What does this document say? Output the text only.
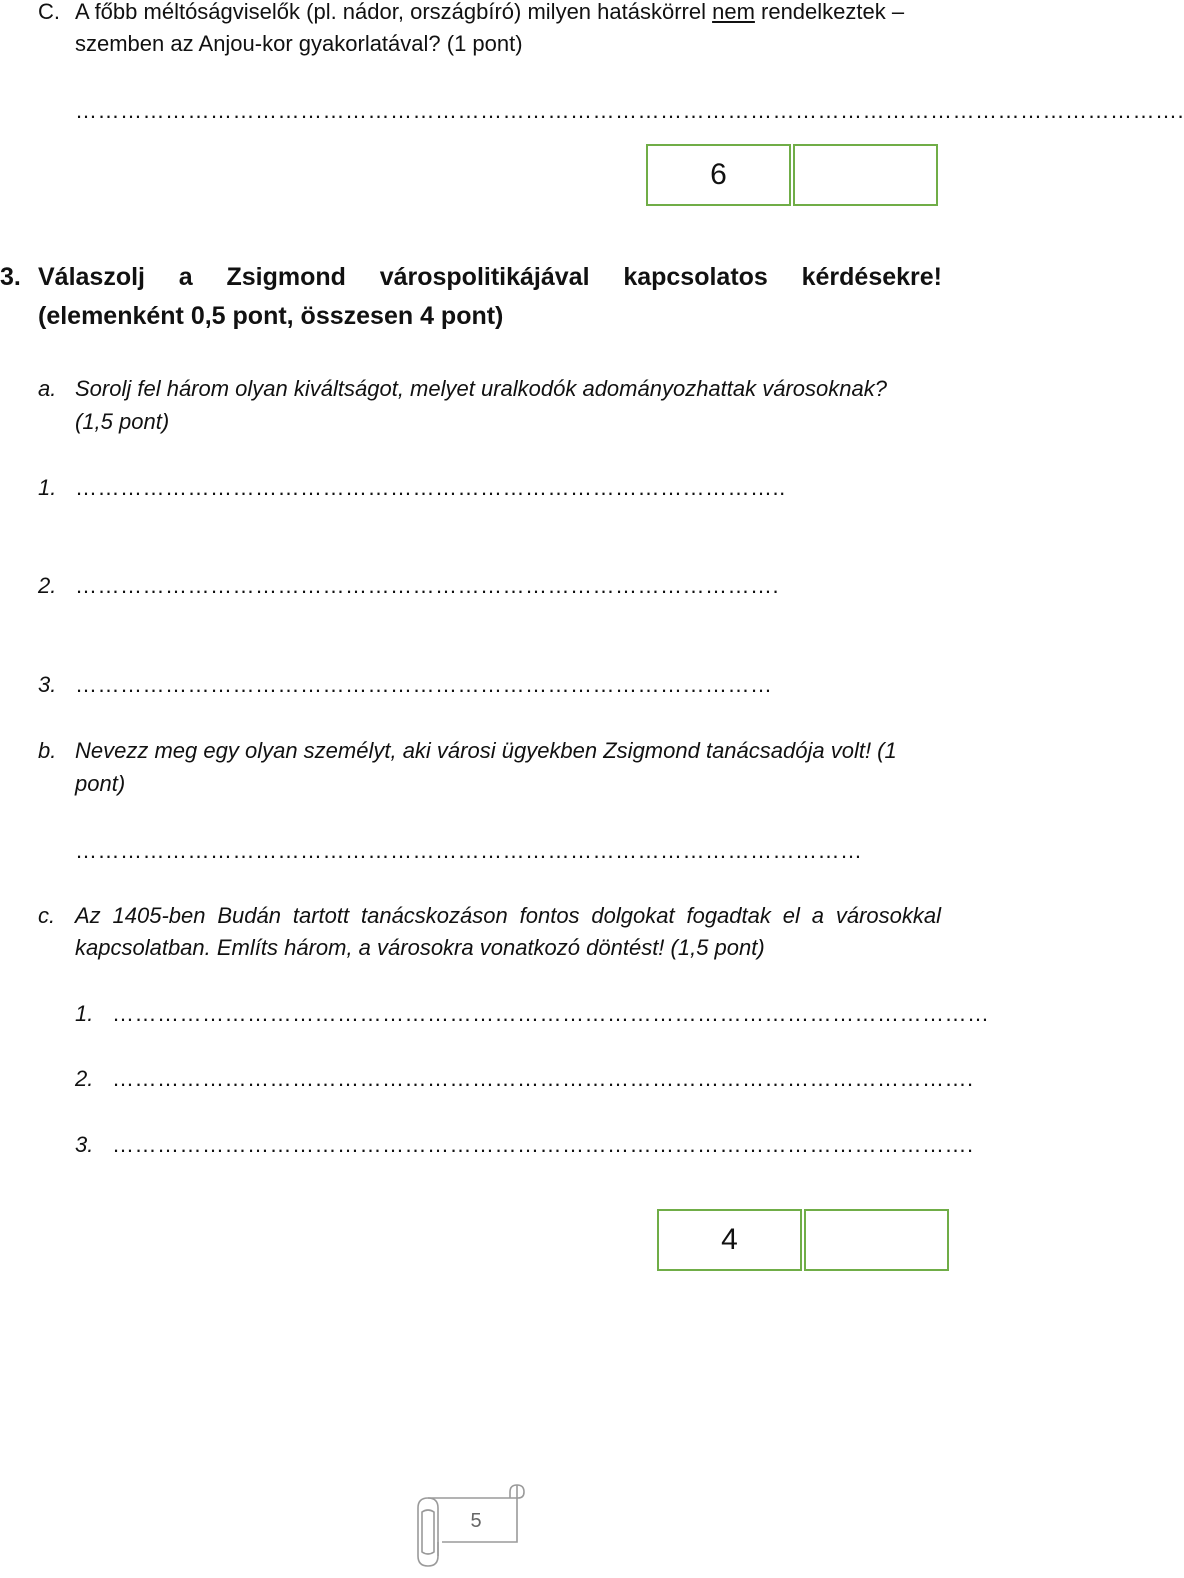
C. A főbb méltóságviselők (pl. nádor, országbíró) milyen hatáskörrel nem rendelkeztek –
szemben az Anjou-kor gyakorlatával? (1 pont)
………………………………………………………………………………………………………………………………….
6
3. Válaszolj a Zsigmond várospolitikájával kapcsolatos kérdésekre!
(elemenként 0,5 pont, összesen 4 pont)
a. Sorolj fel három olyan kiváltságot, melyet uralkodók adományozhattak városoknak?
(1,5 pont)
1. …………………………………………………………………………………..
2. ………………………………………………………………………………….
3. …………………………………………………………………………………
b. Nevezz meg egy olyan személyt, aki városi ügyekben Zsigmond tanácsadója volt! (1
pont)
……………………………………………………………………………………………
c. Az 1405-ben Budán tartott tanácskozáson fontos dolgokat fogadtak el a városokkal
kapcsolatban. Említs három, a városokra vonatkozó döntést! (1,5 pont)
1. ………………………………………………………………………………………………………
2. …………………………………………………………………………………………………….
3. …………………………………………………………………………………………………….
4
5
